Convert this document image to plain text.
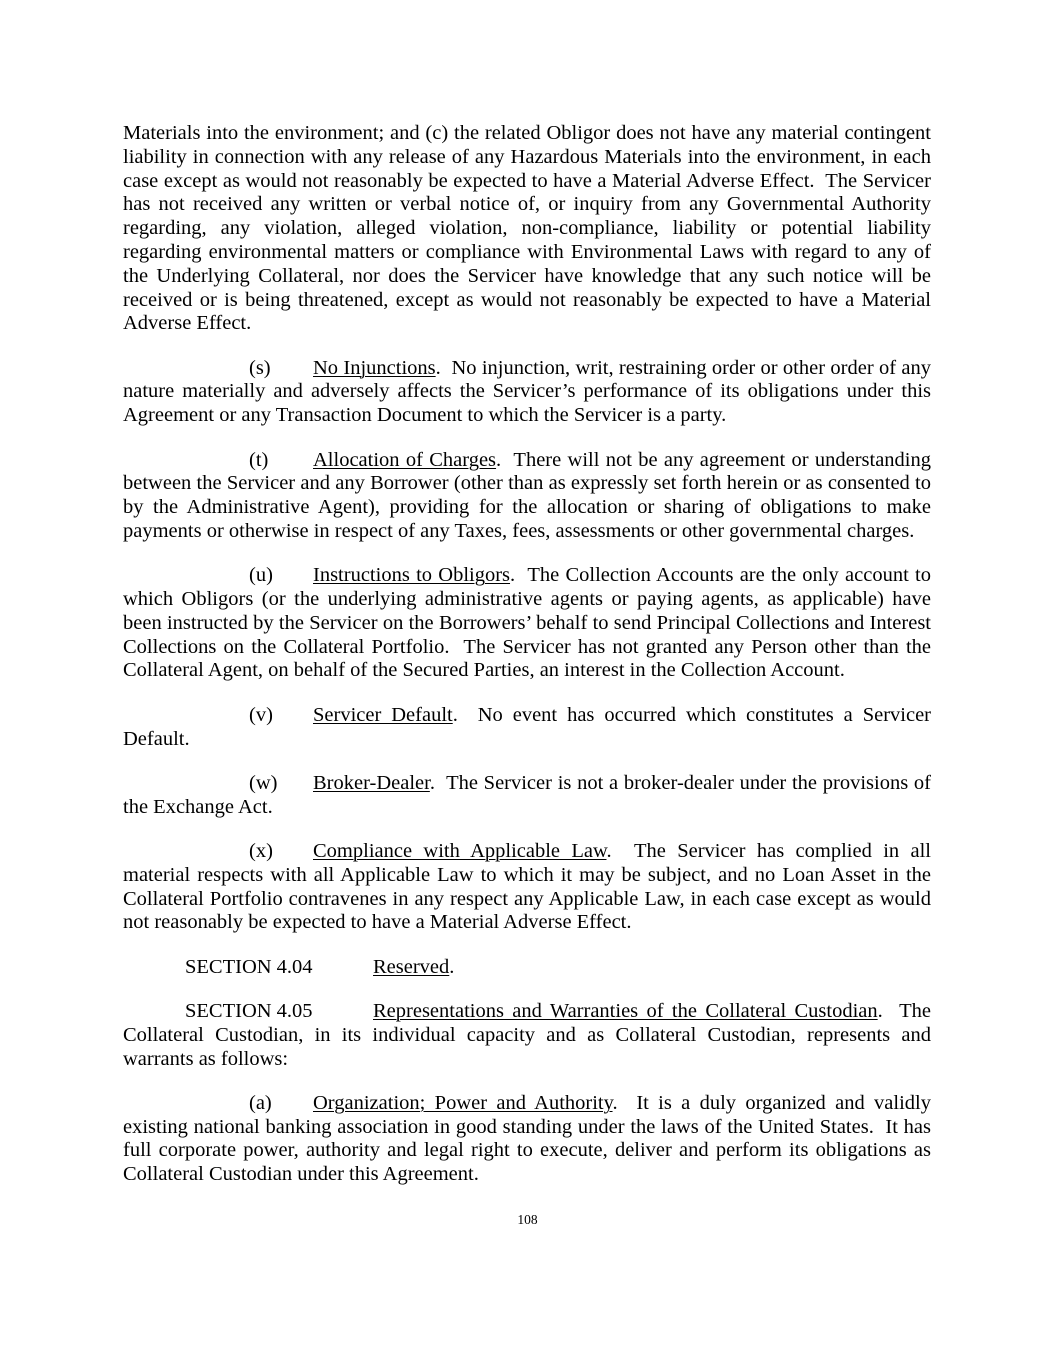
Materials into the environment; and (c) the related Obligor does not have any material contingent liability in connection with any release of any Hazardous Materials into the environment, in each case except as would not reasonably be expected to have a Material Adverse Effect.  The Servicer has not received any written or verbal notice of, or inquiry from any Governmental Authority regarding, any violation, alleged violation, non-compliance, liability or potential liability regarding environmental matters or compliance with Environmental Laws with regard to any of the Underlying Collateral, nor does the Servicer have knowledge that any such notice will be received or is being threatened, except as would not reasonably be expected to have a Material Adverse Effect.

(s) No Injunctions. No injunction, writ, restraining order or other order of any nature materially and adversely affects the Servicer’s performance of its obligations under this Agreement or any Transaction Document to which the Servicer is a party.

(t) Allocation of Charges. There will not be any agreement or understanding between the Servicer and any Borrower (other than as expressly set forth herein or as consented to by the Administrative Agent), providing for the allocation or sharing of obligations to make payments or otherwise in respect of any Taxes, fees, assessments or other governmental charges.

(u) Instructions to Obligors. The Collection Accounts are the only account to which Obligors (or the underlying administrative agents or paying agents, as applicable) have been instructed by the Servicer on the Borrowers’ behalf to send Principal Collections and Interest Collections on the Collateral Portfolio.  The Servicer has not granted any Person other than the Collateral Agent, on behalf of the Secured Parties, an interest in the Collection Account.

(v) Servicer Default. No event has occurred which constitutes a Servicer Default.

(w) Broker-Dealer. The Servicer is not a broker-dealer under the provisions of the Exchange Act.

(x) Compliance with Applicable Law. The Servicer has complied in all material respects with all Applicable Law to which it may be subject, and no Loan Asset in the Collateral Portfolio contravenes in any respect any Applicable Law, in each case except as would not reasonably be expected to have a Material Adverse Effect.

SECTION 4.04	Reserved.

SECTION 4.05	Representations and Warranties of the Collateral Custodian. The Collateral Custodian, in its individual capacity and as Collateral Custodian, represents and warrants as follows:

(a) Organization; Power and Authority. It is a duly organized and validly existing national banking association in good standing under the laws of the United States.  It has full corporate power, authority and legal right to execute, deliver and perform its obligations as Collateral Custodian under this Agreement.

108
